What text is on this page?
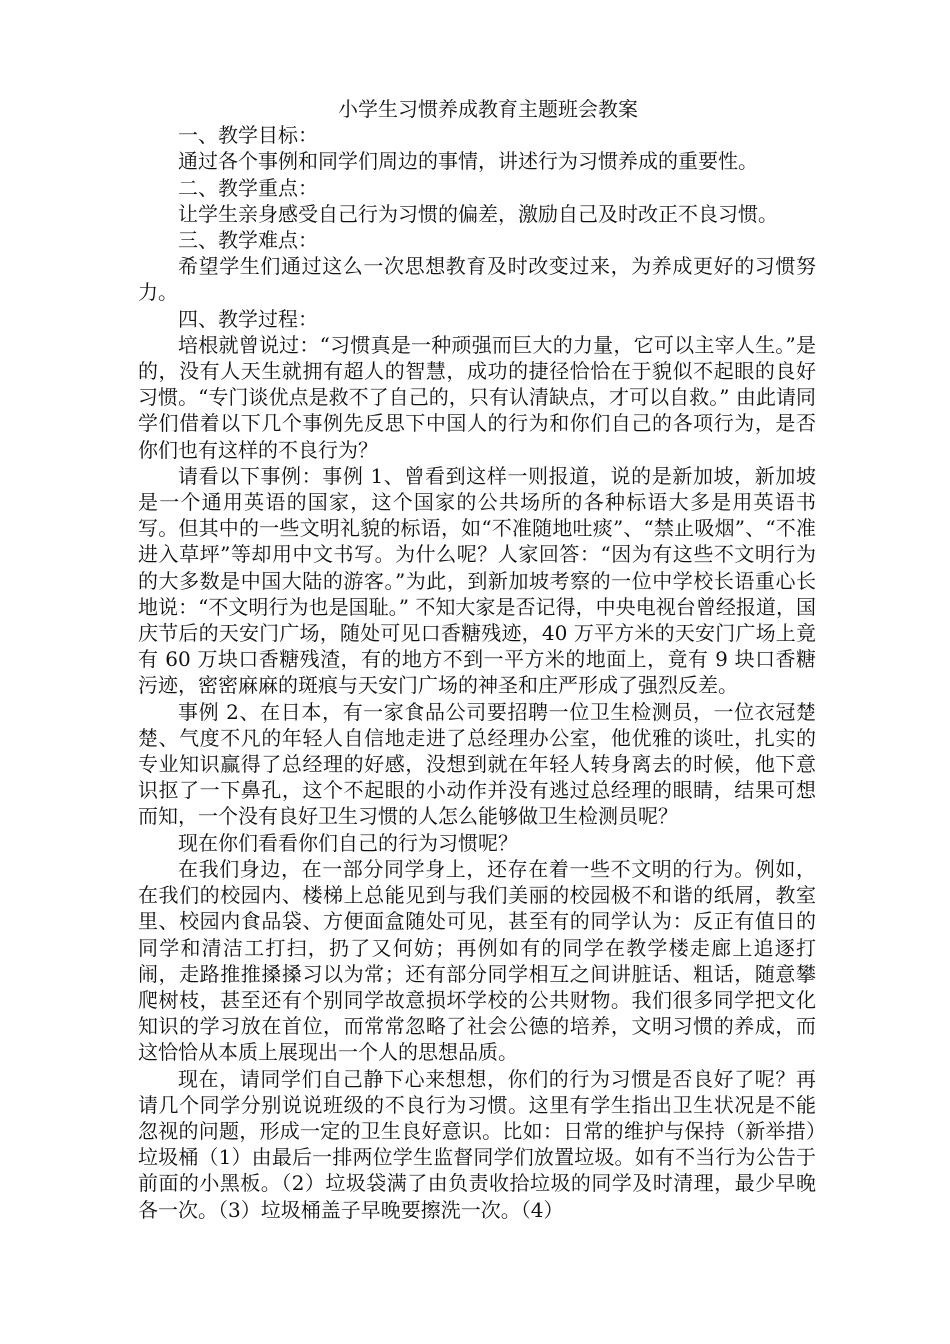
小学生习惯养成教育主题班会教案

一、教学目标：

通过各个事例和同学们周边的事情，讲述行为习惯养成的重要性。

二、教学重点：

让学生亲身感受自己行为习惯的偏差，激励自己及时改正不良习惯。

三、教学难点：

希望学生们通过这么一次思想教育及时改变过来，为养成更好的习惯努力。

四、教学过程：

培根就曾说过：“习惯真是一种顽强而巨大的力量，它可以主宰人生。”是的，没有人天生就拥有超人的智慧，成功的捷径恰恰在于貌似不起眼的良好习惯。“专门谈优点是救不了自己的，只有认清缺点，才可以自救。” 由此请同学们借着以下几个事例先反思下中国人的行为和你们自己的各项行为，是否你们也有这样的不良行为？

请看以下事例：事例 1、曾看到这样一则报道，说的是新加坡，新加坡是一个通用英语的国家，这个国家的公共场所的各种标语大多是用英语书写。但其中的一些文明礼貌的标语，如“不准随地吐痰”、“禁止吸烟”、“不准进入草坪”等却用中文书写。为什么呢？人家回答：“因为有这些不文明行为的大多数是中国大陆的游客。”为此，到新加坡考察的一位中学校长语重心长地说：“不文明行为也是国耻。” 不知大家是否记得，中央电视台曾经报道，国庆节后的天安门广场，随处可见口香糖残迹，40 万平方米的天安门广场上竟有 60 万块口香糖残渣，有的地方不到一平方米的地面上，竟有 9 块口香糖污迹，密密麻麻的斑痕与天安门广场的神圣和庄严形成了强烈反差。

事例 2、在日本，有一家食品公司要招聘一位卫生检测员，一位衣冠楚楚、气度不凡的年轻人自信地走进了总经理办公室，他优雅的谈吐，扎实的专业知识赢得了总经理的好感，没想到就在年轻人转身离去的时候，他下意识抠了一下鼻孔，这个不起眼的小动作并没有逃过总经理的眼睛，结果可想而知，一个没有良好卫生习惯的人怎么能够做卫生检测员呢？

现在你们看看你们自己的行为习惯呢？

在我们身边，在一部分同学身上，还存在着一些不文明的行为。例如，在我们的校园内、楼梯上总能见到与我们美丽的校园极不和谐的纸屑，教室里、校园内食品袋、方便面盒随处可见，甚至有的同学认为：反正有值日的同学和清洁工打扫，扔了又何妨；再例如有的同学在教学楼走廊上追逐打闹，走路推推搡搡习以为常；还有部分同学相互之间讲脏话、粗话，随意攀爬树枝，甚至还有个别同学故意损坏学校的公共财物。我们很多同学把文化知识的学习放在首位，而常常忽略了社会公德的培养，文明习惯的养成，而这恰恰从本质上展现出一个人的思想品质。

现在，请同学们自己静下心来想想，你们的行为习惯是否良好了呢？再请几个同学分别说说班级的不良行为习惯。这里有学生指出卫生状况是不能忽视的问题，形成一定的卫生良好意识。比如：日常的维护与保持（新举措）垃圾桶（1）由最后一排两位学生监督同学们放置垃圾。如有不当行为公告于前面的小黑板。（2）垃圾袋满了由负责收拾垃圾的同学及时清理，最少早晚各一次。（3）垃圾桶盖子早晚要擦洗一次。（4）
